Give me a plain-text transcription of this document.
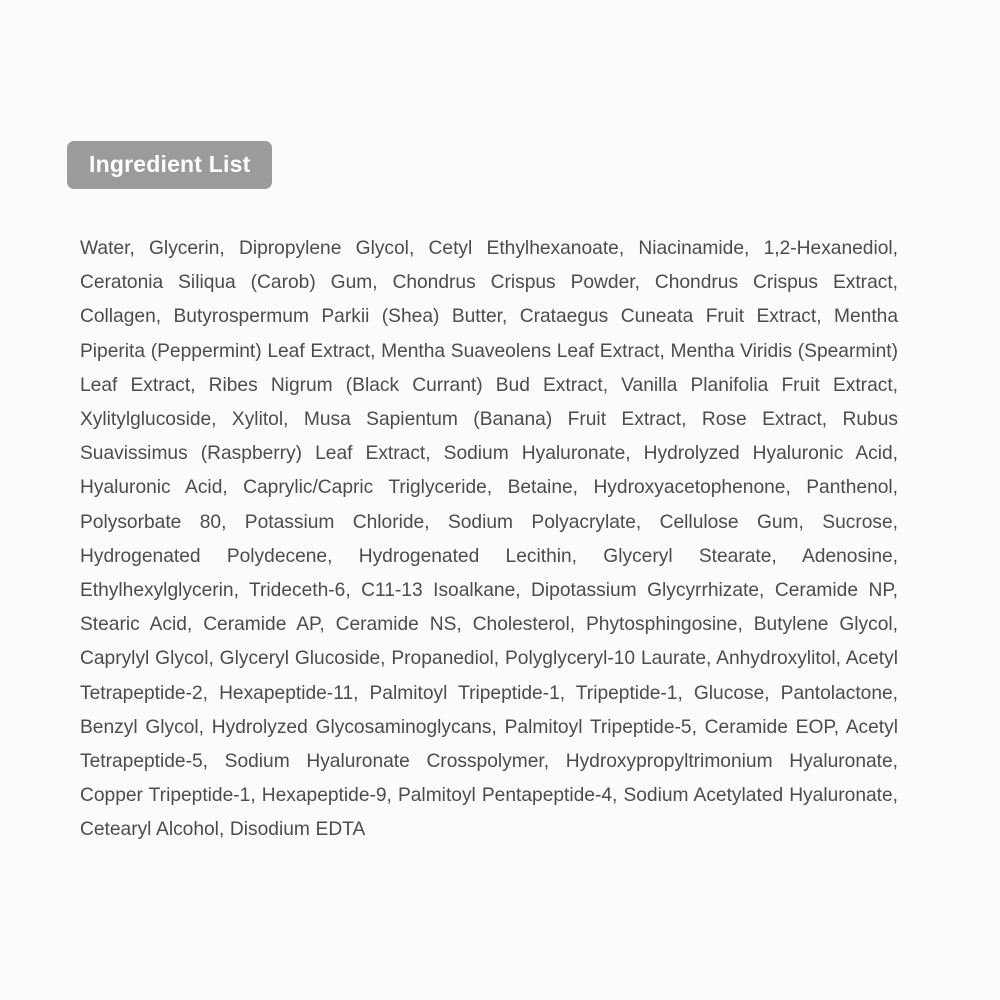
Ingredient List
Water, Glycerin, Dipropylene Glycol, Cetyl Ethylhexanoate, Niacinamide, 1,2-Hexanediol, Ceratonia Siliqua (Carob) Gum, Chondrus Crispus Powder, Chondrus Crispus Extract, Collagen, Butyrospermum Parkii (Shea) Butter, Crataegus Cuneata Fruit Extract, Mentha Piperita (Peppermint) Leaf Extract, Mentha Suaveolens Leaf Extract, Mentha Viridis (Spearmint) Leaf Extract, Ribes Nigrum (Black Currant) Bud Extract, Vanilla Planifolia Fruit Extract, Xylitylglucoside, Xylitol, Musa Sapientum (Banana) Fruit Extract, Rose Extract, Rubus Suavissimus (Raspberry) Leaf Extract, Sodium Hyaluronate, Hydrolyzed Hyaluronic Acid, Hyaluronic Acid, Caprylic/Capric Triglyceride, Betaine, Hydroxyacetophenone, Panthenol, Polysorbate 80, Potassium Chloride, Sodium Polyacrylate, Cellulose Gum, Sucrose, Hydrogenated Polydecene, Hydrogenated Lecithin, Glyceryl Stearate, Adenosine, Ethylhexylglycerin, Trideceth-6, C11-13 Isoalkane, Dipotassium Glycyrrhizate, Ceramide NP, Stearic Acid, Ceramide AP, Ceramide NS, Cholesterol, Phytosphingosine, Butylene Glycol, Caprylyl Glycol, Glyceryl Glucoside, Propanediol, Polyglyceryl-10 Laurate, Anhydroxylitol, Acetyl Tetrapeptide-2, Hexapeptide-11, Palmitoyl Tripeptide-1, Tripeptide-1, Glucose, Pantolactone, Benzyl Glycol, Hydrolyzed Glycosaminoglycans, Palmitoyl Tripeptide-5, Ceramide EOP, Acetyl Tetrapeptide-5, Sodium Hyaluronate Crosspolymer, Hydroxypropyltrimonium Hyaluronate, Copper Tripeptide-1, Hexapeptide-9, Palmitoyl Pentapeptide-4, Sodium Acetylated Hyaluronate, Cetearyl Alcohol, Disodium EDTA
